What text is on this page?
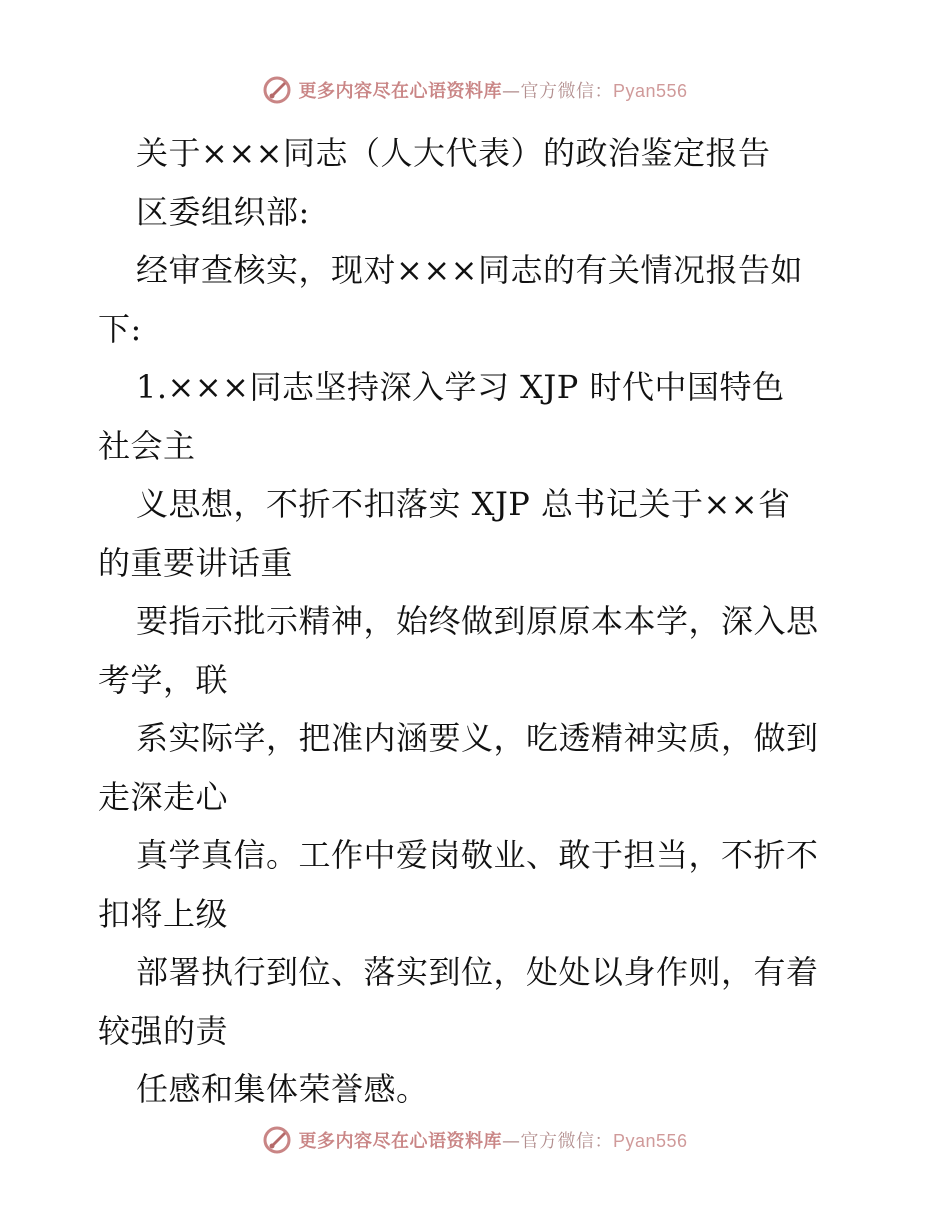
更多内容尽在心语资料库—官方微信：Pyan556
关于×××同志（人大代表）的政治鉴定报告
区委组织部:
经审查核实，现对×××同志的有关情况报告如
下:
1.×××同志坚持深入学习 XJP 时代中国特色
社会主
义思想，不折不扣落实 XJP 总书记关于××省
的重要讲话重
要指示批示精神，始终做到原原本本学，深入思
考学，联
系实际学，把准内涵要义，吃透精神实质，做到
走深走心
真学真信。工作中爱岗敬业、敢于担当，不折不
扣将上级
部署执行到位、落实到位，处处以身作则，有着
较强的责
任感和集体荣誉感。
更多内容尽在心语资料库—官方微信：Pyan556
